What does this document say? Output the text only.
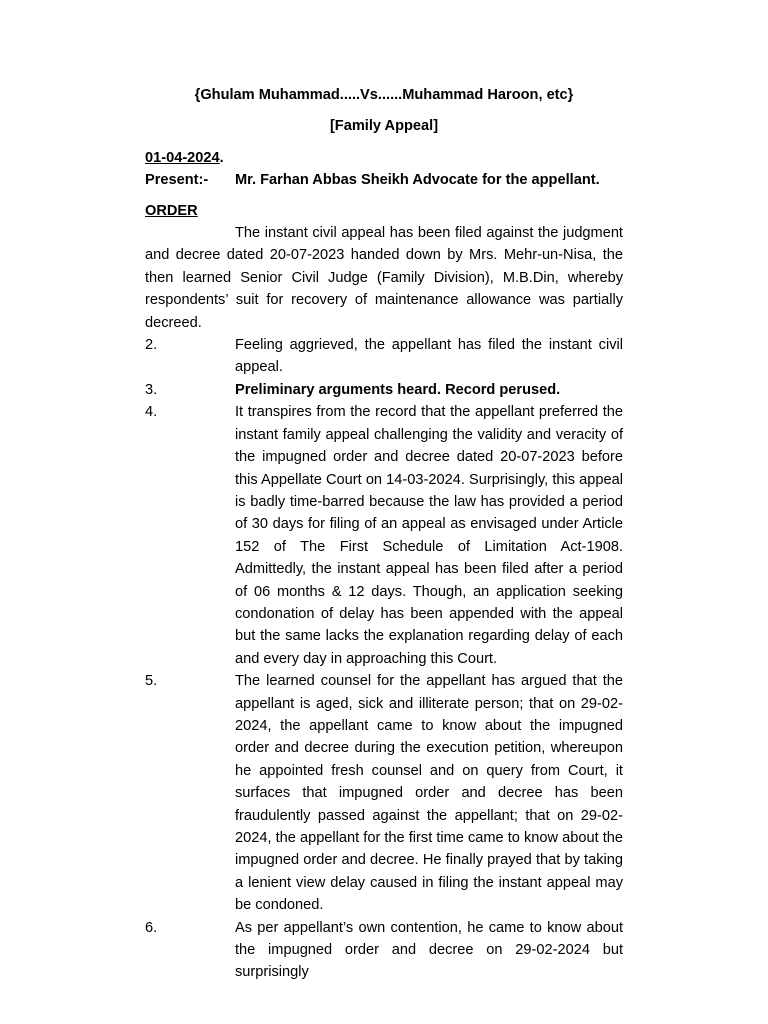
{Ghulam Muhammad.....Vs......Muhammad Haroon, etc}

[Family Appeal]

01-04-2024.

Present:-	Mr. Farhan Abbas Sheikh Advocate for the appellant.

ORDER

The instant civil appeal has been filed against the judgment and decree dated 20-07-2023 handed down by Mrs. Mehr-un-Nisa, the then learned Senior Civil Judge (Family Division), M.B.Din, whereby respondents’ suit for recovery of maintenance allowance was partially decreed.

2.	Feeling aggrieved, the appellant has filed the instant civil appeal.
3.	Preliminary arguments heard. Record perused.
4.	It transpires from the record that the appellant preferred the instant family appeal challenging the validity and veracity of the impugned order and decree dated 20-07-2023 before this Appellate Court on 14-03-2024. Surprisingly, this appeal is badly time-barred because the law has provided a period of 30 days for filing of an appeal as envisaged under Article 152 of The First Schedule of Limitation Act-1908. Admittedly, the instant appeal has been filed after a period of 06 months & 12 days. Though, an application seeking condonation of delay has been appended with the appeal but the same lacks the explanation regarding delay of each and every day in approaching this Court.
5.	The learned counsel for the appellant has argued that the appellant is aged, sick and illiterate person; that on 29-02-2024, the appellant came to know about the impugned order and decree during the execution petition, whereupon he appointed fresh counsel and on query from Court, it surfaces that impugned order and decree has been fraudulently passed against the appellant; that on 29-02-2024, the appellant for the first time came to know about the impugned order and decree. He finally prayed that by taking a lenient view delay caused in filing the instant appeal may be condoned.
6.	As per appellant’s own contention, he came to know about the impugned order and decree on 29-02-2024 but surprisingly
